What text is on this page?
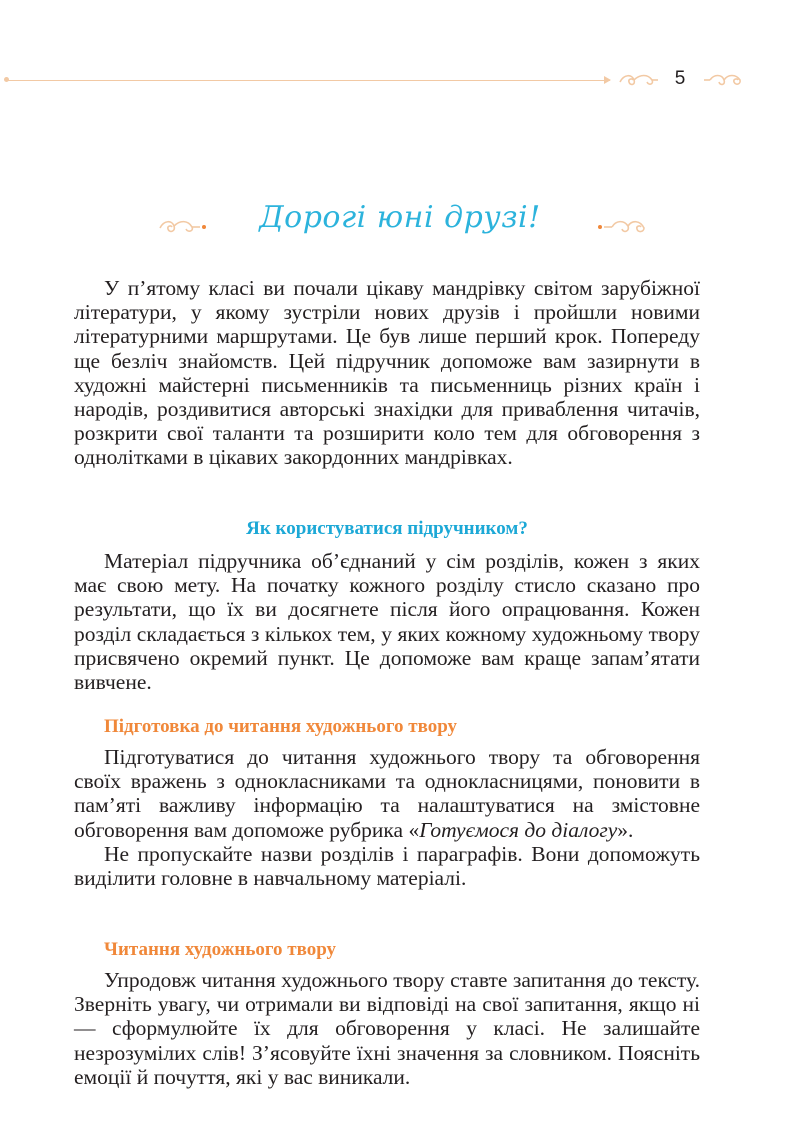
5
Дорогі юні друзі!

У п’ятому класі ви почали цікаву мандрівку світом зарубіжної літератури, у якому зустріли нових друзів і пройшли новими літературними маршрутами. Це був лише перший крок. Попереду ще безліч знайомств. Цей підручник допоможе вам зазирнути в художні майстерні письменників та письменниць різних країн і народів, роздивитися авторські знахідки для приваблення читачів, розкрити свої таланти та розширити коло тем для обговорення з однолітками в цікавих закордонних мандрівках.

Як користуватися підручником?

Матеріал підручника об’єднаний у сім розділів, кожен з яких має свою мету. На початку кожного розділу стисло сказано про результати, що їх ви досягнете після його опрацювання. Кожен розділ складається з кількох тем, у яких кожному художньому твору присвячено окремий пункт. Це допоможе вам краще запам’ятати вивчене.

Підготовка до читання художнього твору

Підготуватися до читання художнього твору та обговорення своїх вражень з однокласниками та однокласницями, поновити в пам’яті важливу інформацію та налаштуватися на змістовне обговорення вам допоможе рубрика «Готуємося до діалогу».

Не пропускайте назви розділів і параграфів. Вони допоможуть виділити головне в навчальному матеріалі.

Читання художнього твору

Упродовж читання художнього твору ставте запитання до тексту. Зверніть увагу, чи отримали ви відповіді на свої запитання, якщо ні — сформулюйте їх для обговорення у класі. Не залишайте незрозумілих слів! З’ясовуйте їхні значення за словником. Поясніть емоції й почуття, які у вас виникали.
